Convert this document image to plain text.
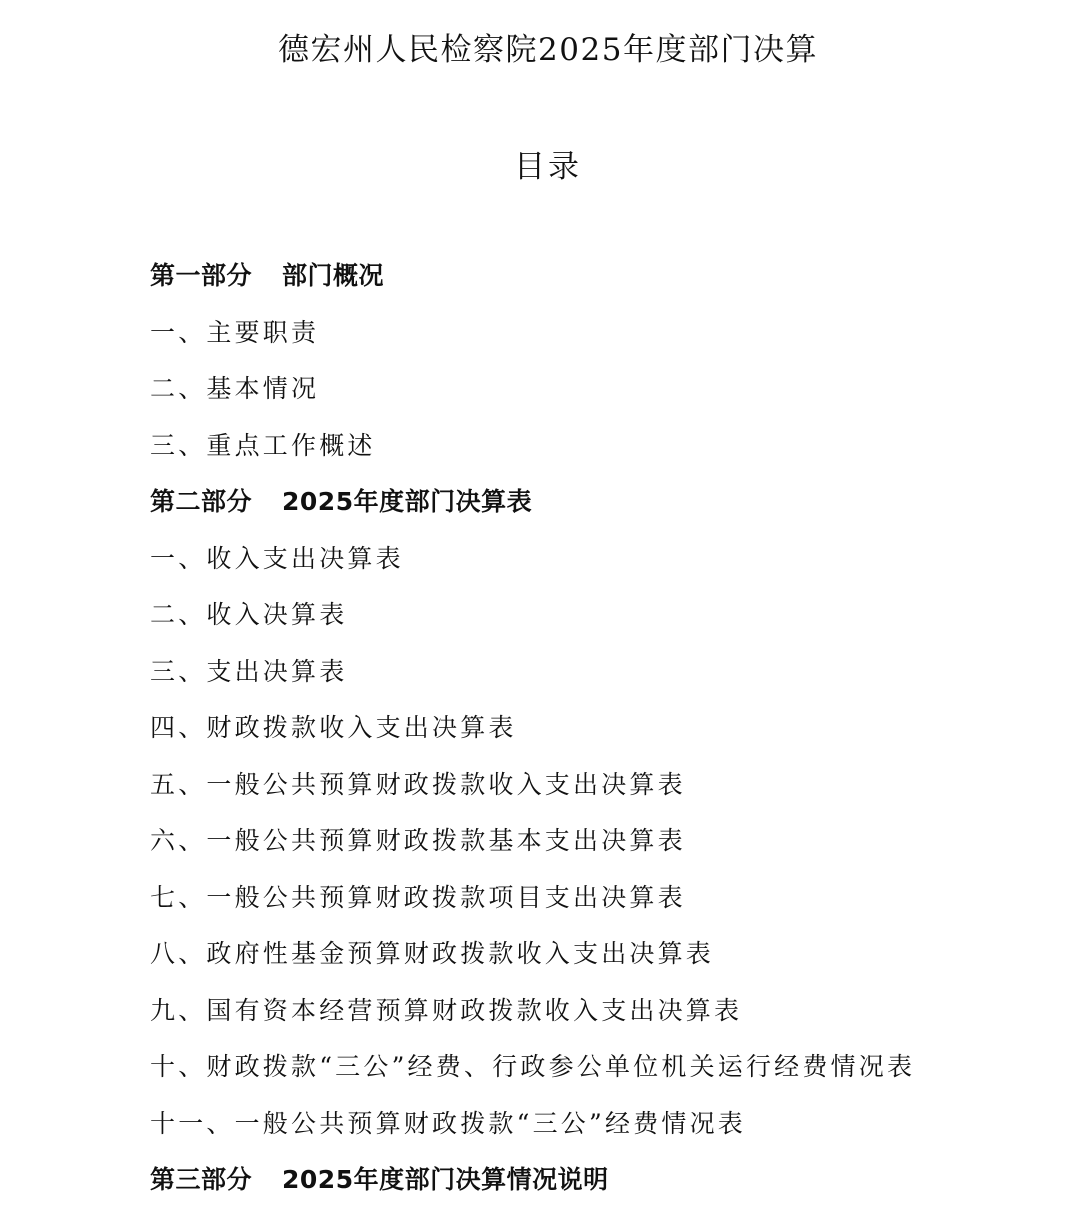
德宏州人民检察院2025年度部门决算
目录
第一部分 部门概况
一、主要职责
二、基本情况
三、重点工作概述
第二部分 2025年度部门决算表
一、收入支出决算表
二、收入决算表
三、支出决算表
四、财政拨款收入支出决算表
五、一般公共预算财政拨款收入支出决算表
六、一般公共预算财政拨款基本支出决算表
七、一般公共预算财政拨款项目支出决算表
八、政府性基金预算财政拨款收入支出决算表
九、国有资本经营预算财政拨款收入支出决算表
十、财政拨款“三公”经费、行政参公单位机关运行经费情况表
十一、一般公共预算财政拨款“三公”经费情况表
第三部分 2025年度部门决算情况说明
